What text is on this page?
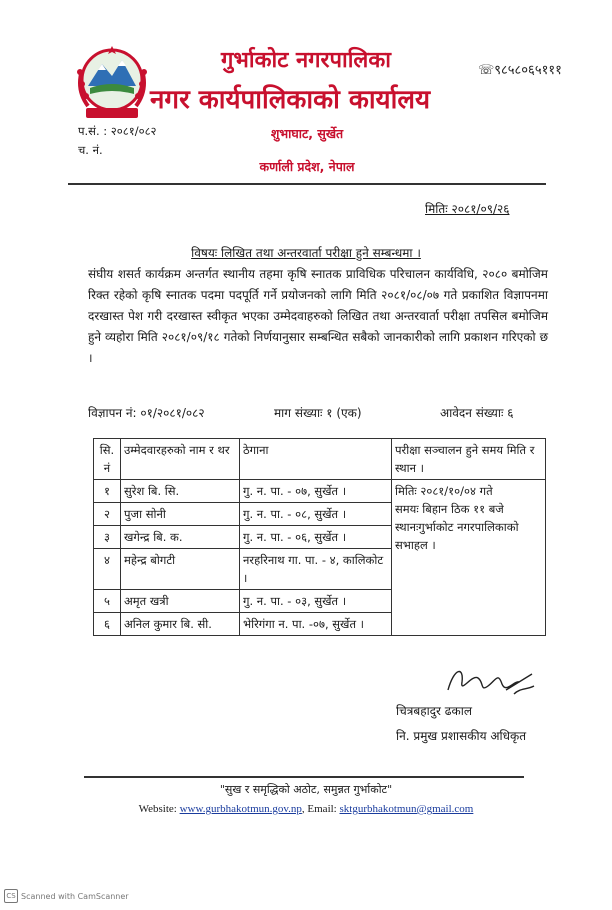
गुर्भाकोट नगरपालिका
नगर कार्यपालिकाको कार्यालय
☏९८५८०६५१११
प.सं. : २०८१/०८२
च. नं.
शुभाघाट, सुर्खेत
कर्णाली प्रदेश, नेपाल
मितिः २०८१/०९/२६
विषयः लिखित तथा अन्तरवार्ता परीक्षा हुने सम्बन्धमा ।
संघीय शसर्त कार्यक्रम अन्तर्गत स्थानीय तहमा कृषि स्नातक प्राविधिक परिचालन कार्यविधि, २०८० बमोजिम रिक्त रहेको कृषि स्नातक पदमा पदपूर्ति गर्ने प्रयोजनको लागि मिति २०८१/०८/०७ गते प्रकाशित विज्ञापनमा दरखास्त पेश गरी दरखास्त स्वीकृत भएका उम्मेदवाहरुको लिखित तथा अन्तरवार्ता परीक्षा तपसिल बमोजिम हुने व्यहोरा मिति २०८१/०९/१८ गतेको निर्णयानुसार सम्बन्धित सबैको जानकारीको लागि प्रकाशन गरिएको छ ।
विज्ञापन नं: ०१/२०८१/०८२	माग संख्याः १ (एक)	आवेदन संख्याः ६
सि. नं	उम्मेदवारहरुको नाम र थर	ठेगाना	परीक्षा सञ्चालन हुने समय मिति र स्थान ।
१	सुरेश बि. सि.	गु. न. पा. - ०७, सुर्खेत ।	मितिः २०८१/१०/०४ गते
समयः बिहान ठिक ११ बजे
स्थानःगुर्भाकोट नगरपालिकाको सभाहल ।

२	पुजा सोनी	गु. न. पा. - ०८, सुर्खेत ।	
३	खगेन्द्र बि. क.	गु. न. पा. - ०६, सुर्खेत ।	
४	महेन्द्र बोगटी	नरहरिनाथ गा. पा. - ४, कालिकोट ।	
५	अमृत खत्री	गु. न. पा. - ०३, सुर्खेत ।	
६	अनिल कुमार बि. सी.	भेरिगंगा न. पा. -०७, सुर्खेत ।	
चित्रबहादुर ढकाल
नि. प्रमुख प्रशासकीय अधिकृत
"सुख र समृद्धिको अठोट, समुन्नत गुर्भाकोट"
Website: www.gurbhakotmun.gov.np, Email: sktgurbhakotmun@gmail.com
CS Scanned with CamScanner
